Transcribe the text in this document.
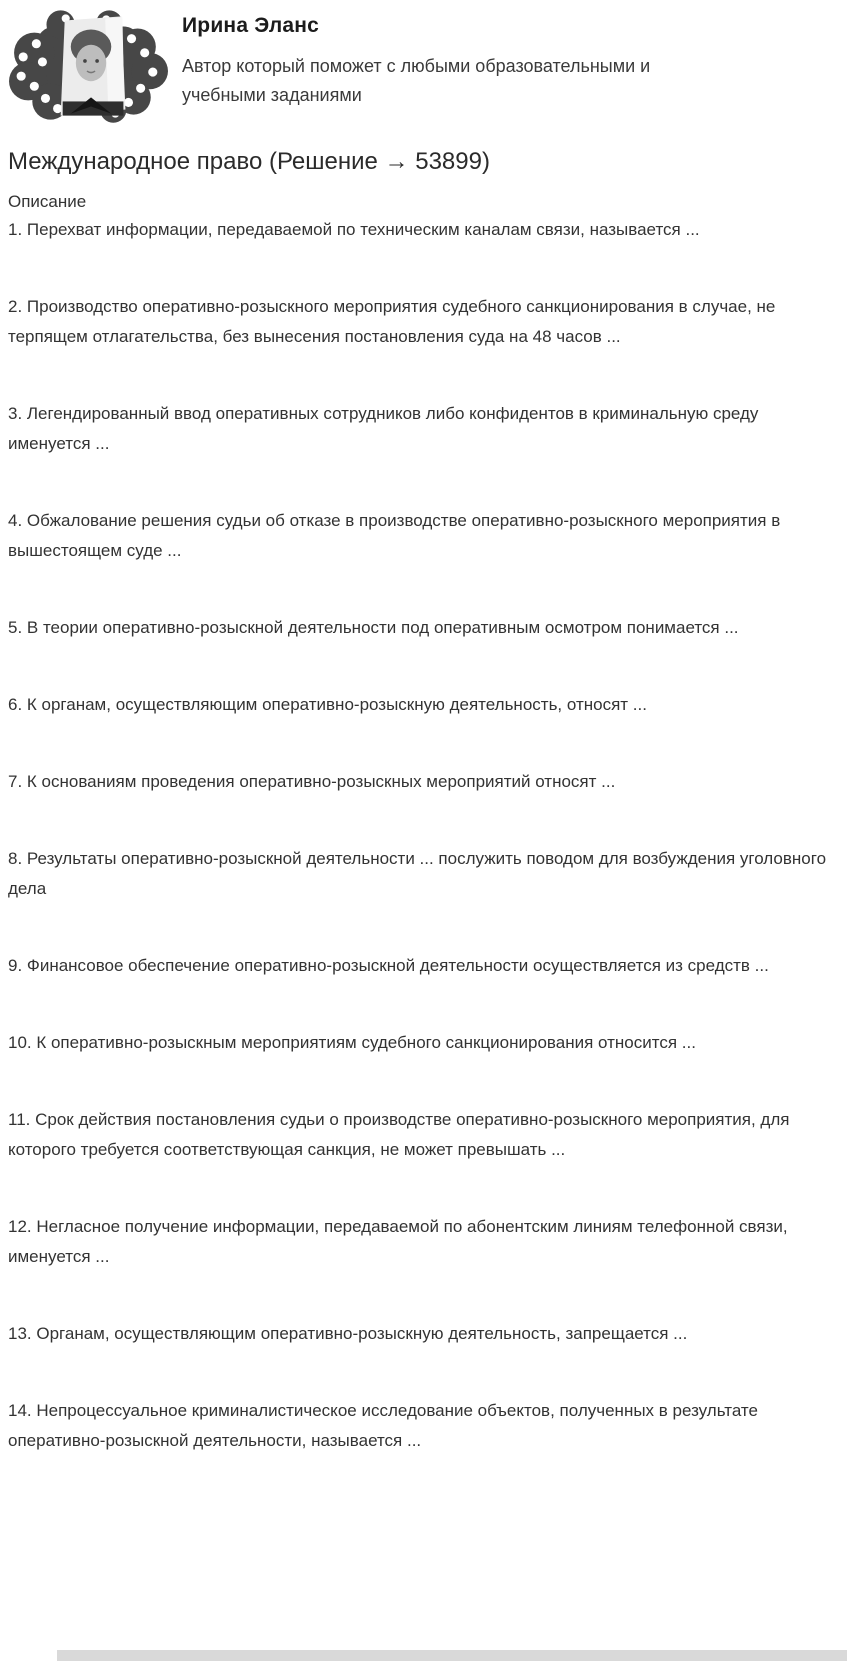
Ирина Эланс
Автор который поможет с любыми образовательными и учебными заданиями
Международное право (Решение → 53899)

Описание

1. Перехват информации, передаваемой по техническим каналам связи, называется ...

2. Производство оперативно-розыскного мероприятия судебного санкционирования в случае, не терпящем отлагательства, без вынесения постановления суда на 48 часов ...

3. Легендированный ввод оперативных сотрудников либо конфидентов в криминальную среду именуется ...

4. Обжалование решения судьи об отказе в производстве оперативно-розыскного мероприятия в вышестоящем суде ...

5. В теории оперативно-розыскной деятельности под оперативным осмотром понимается ...

6. К органам, осуществляющим оперативно-розыскную деятельность, относят ...

7. К основаниям проведения оперативно-розыскных мероприятий относят ...

8. Результаты оперативно-розыскной деятельности ... послужить поводом для возбуждения уголовного дела

9. Финансовое обеспечение оперативно-розыскной деятельности осуществляется из средств ...

10. К оперативно-розыскным мероприятиям судебного санкционирования относится ...

11. Срок действия постановления судьи о производстве оперативно-розыскного мероприятия, для которого требуется соответствующая санкция, не может превышать ...

12. Негласное получение информации, передаваемой по абонентским линиям телефонной связи, именуется ...

13. Органам, осуществляющим оперативно-розыскную деятельность, запрещается ...

14. Непроцессуальное криминалистическое исследование объектов, полученных в результате оперативно-розыскной деятельности, называется ...
